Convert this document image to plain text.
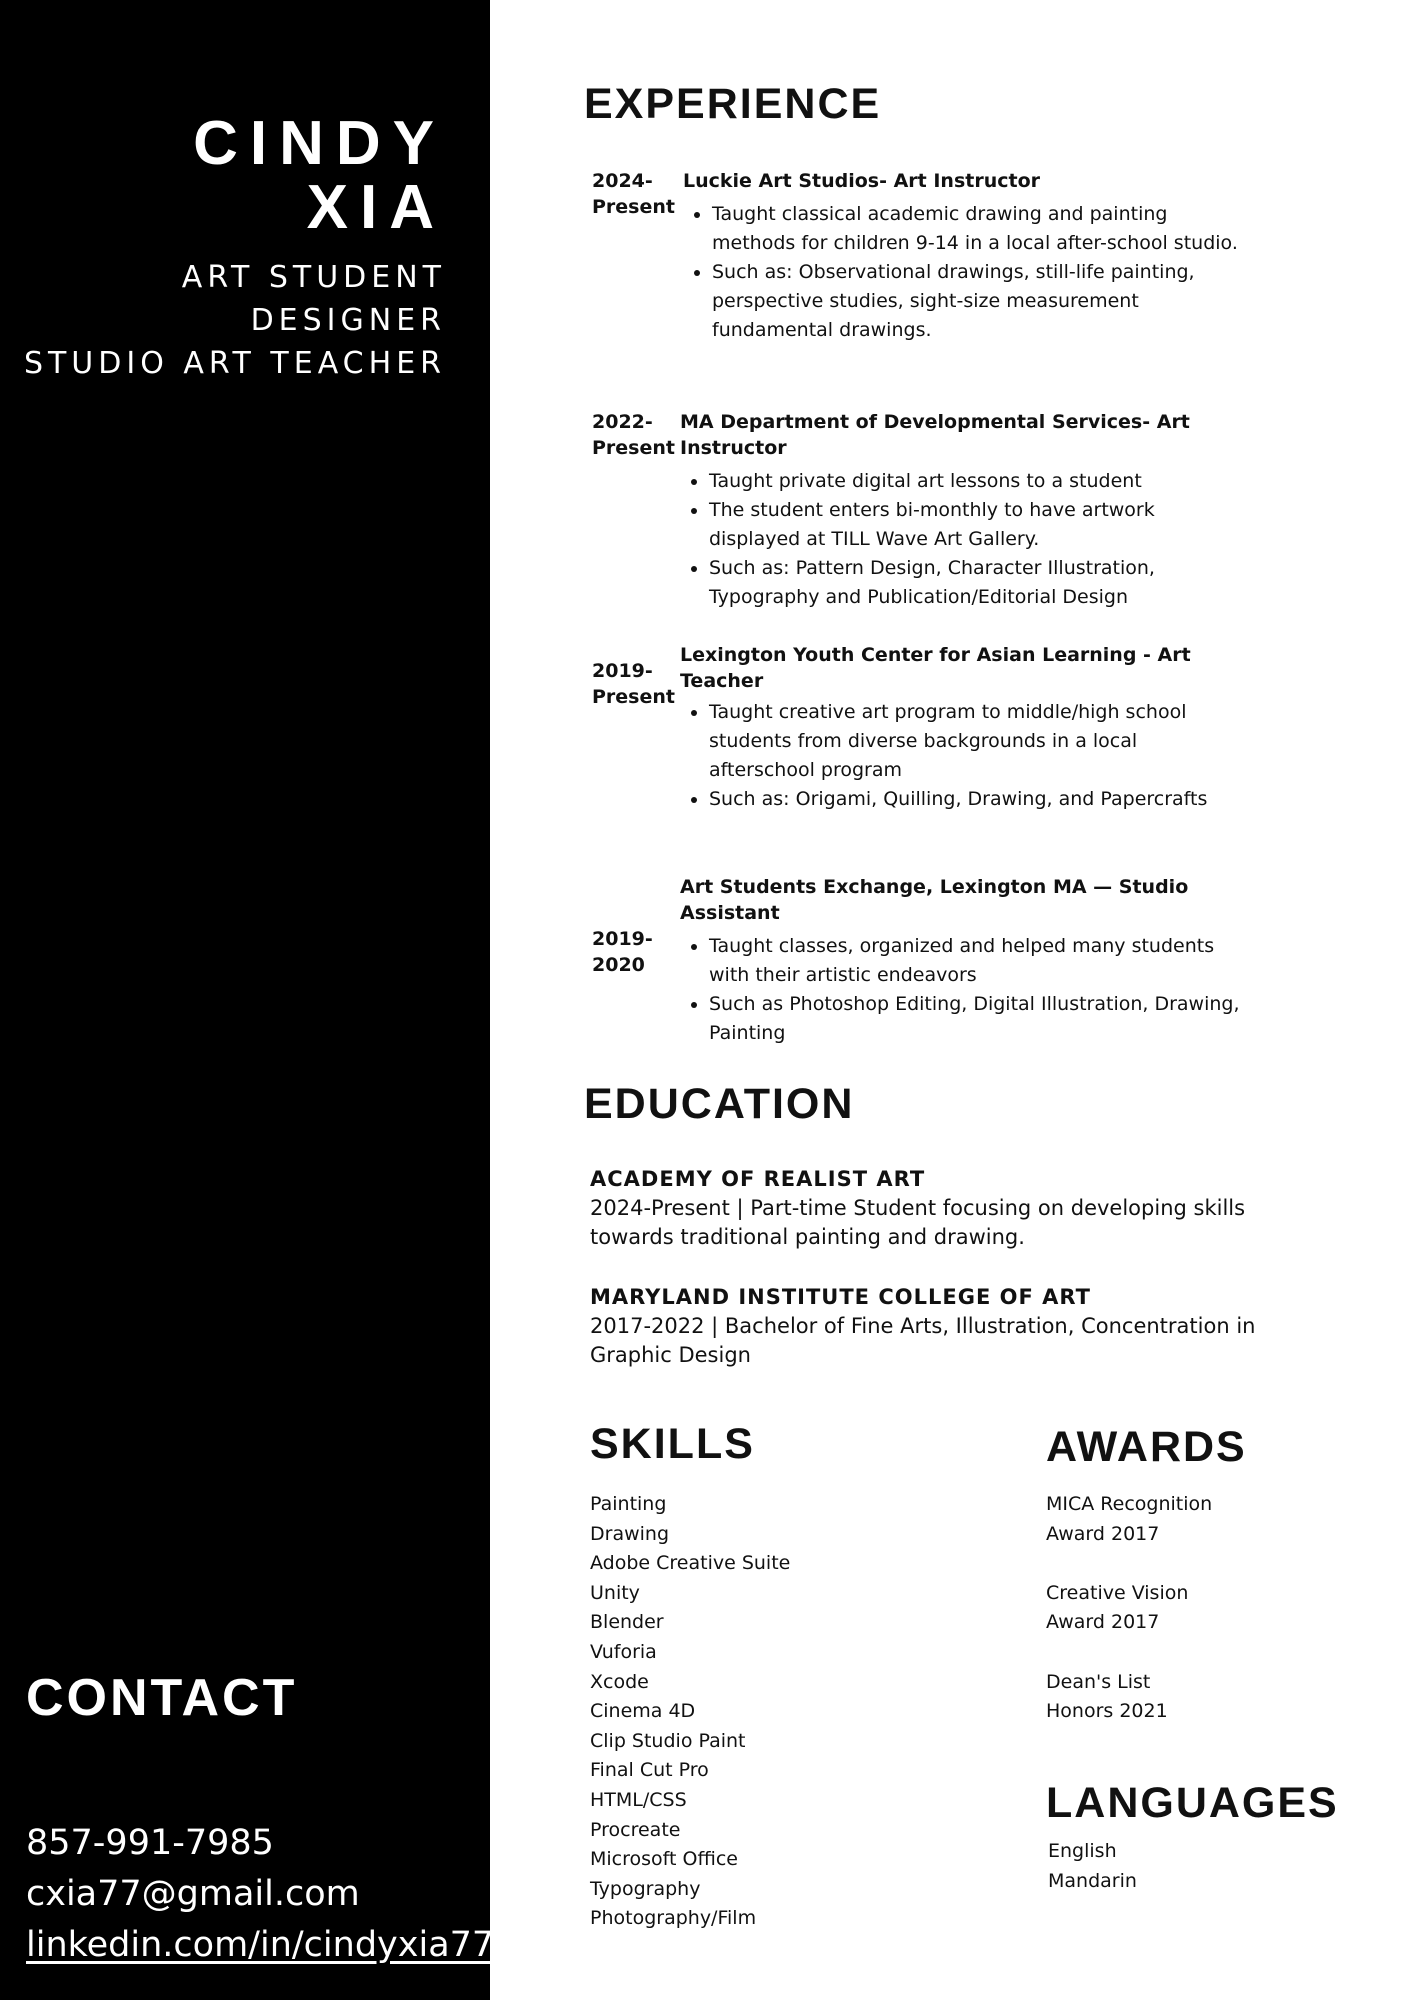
CINDY
XIA
ART STUDENT
DESIGNER
STUDIO ART TEACHER
CONTACT
857-991-7985
cxia77@gmail.com
linkedin.com/in/cindyxia77
EXPERIENCE
2024-
Present
Luckie Art Studios- Art Instructor
• Taught classical academic drawing and painting methods for children 9-14 in a local after-school studio.
• Such as: Observational drawings, still-life painting, perspective studies, sight-size measurement fundamental drawings.
2022-
Present
MA Department of Developmental Services- Art Instructor
• Taught private digital art lessons to a student
• The student enters bi-monthly to have artwork displayed at TILL Wave Art Gallery.
• Such as: Pattern Design, Character Illustration, Typography and Publication/Editorial Design
2019-
Present
Lexington Youth Center for Asian Learning - Art Teacher
• Taught creative art program to middle/high school students from diverse backgrounds in a local afterschool program
• Such as: Origami, Quilling, Drawing, and Papercrafts
2019-
2020
Art Students Exchange, Lexington MA — Studio Assistant
• Taught classes, organized and helped many students with their artistic endeavors
• Such as Photoshop Editing, Digital Illustration, Drawing, Painting
EDUCATION
ACADEMY OF REALIST ART
2024-Present | Part-time Student focusing on developing skills towards traditional painting and drawing.
MARYLAND INSTITUTE COLLEGE OF ART
2017-2022 | Bachelor of Fine Arts, Illustration, Concentration in Graphic Design
SKILLS
Painting
Drawing
Adobe Creative Suite
Unity
Blender
Vuforia
Xcode
Cinema 4D
Clip Studio Paint
Final Cut Pro
HTML/CSS
Procreate
Microsoft Office
Typography
Photography/Film
AWARDS
MICA Recognition
Award 2017
Creative Vision
Award 2017
Dean's List
Honors 2021
LANGUAGES
English
Mandarin
